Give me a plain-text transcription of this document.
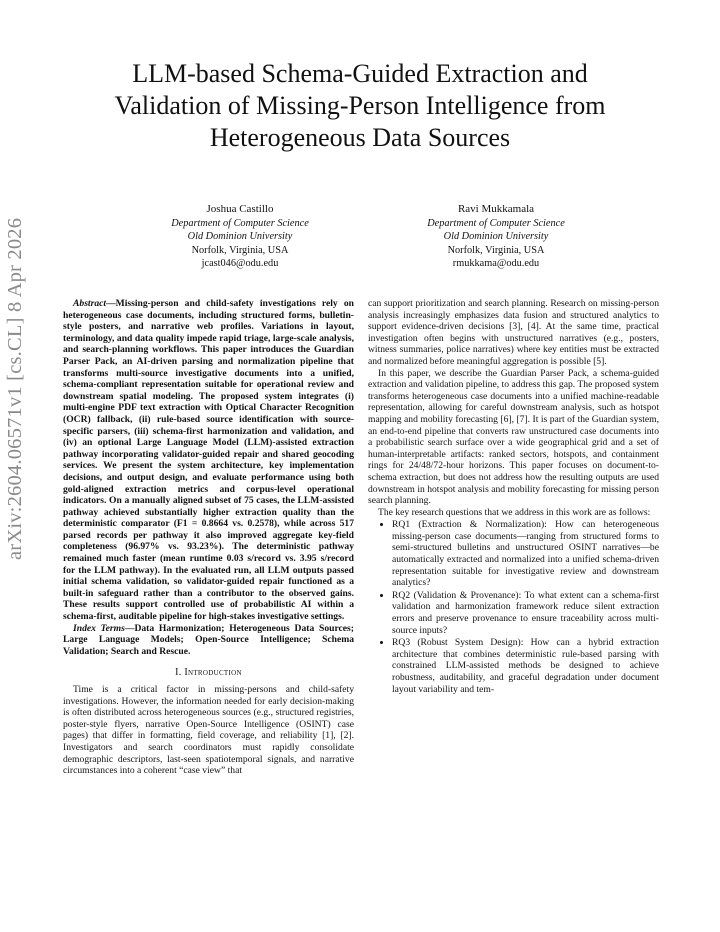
arXiv:2604.06571v1 [cs.CL] 8 Apr 2026
LLM-based Schema-Guided Extraction and
Validation of Missing-Person Intelligence from
Heterogeneous Data Sources
Joshua Castillo
Department of Computer Science
Old Dominion University
Norfolk, Virginia, USA
jcast046@odu.edu
Ravi Mukkamala
Department of Computer Science
Old Dominion University
Norfolk, Virginia, USA
rmukkama@odu.edu

Abstract—Missing-person and child-safety investigations rely on heterogeneous case documents, including structured forms, bulletin-style posters, and narrative web profiles. Variations in layout, terminology, and data quality impede rapid triage, large-scale analysis, and search-planning workflows. This paper introduces the Guardian Parser Pack, an AI-driven parsing and normalization pipeline that transforms multi-source investigative documents into a unified, schema-compliant representation suitable for operational review and downstream spatial modeling. The proposed system integrates (i) multi-engine PDF text extraction with Optical Character Recognition (OCR) fallback, (ii) rule-based source identification with source-specific parsers, (iii) schema-first harmonization and validation, and (iv) an optional Large Language Model (LLM)-assisted extraction pathway incorporating validator-guided repair and shared geocoding services. We present the system architecture, key implementation decisions, and output design, and evaluate performance using both gold-aligned extraction metrics and corpus-level operational indicators. On a manually aligned subset of 75 cases, the LLM-assisted pathway achieved substantially higher extraction quality than the deterministic comparator (F1 = 0.8664 vs. 0.2578), while across 517 parsed records per pathway it also improved aggregate key-field completeness (96.97% vs. 93.23%). The deterministic pathway remained much faster (mean runtime 0.03 s/record vs. 3.95 s/record for the LLM pathway). In the evaluated run, all LLM outputs passed initial schema validation, so validator-guided repair functioned as a built-in safeguard rather than a contributor to the observed gains. These results support controlled use of probabilistic AI within a schema-first, auditable pipeline for high-stakes investigative settings.

Index Terms—Data Harmonization; Heterogeneous Data Sources; Large Language Models; Open-Source Intelligence; Schema Validation; Search and Rescue.

I. Introduction

Time is a critical factor in missing-persons and child-safety investigations. However, the information needed for early decision-making is often distributed across heterogeneous sources (e.g., structured registries, poster-style flyers, narrative Open-Source Intelligence (OSINT) case pages) that differ in formatting, field coverage, and reliability [1], [2]. Investigators and search coordinators must rapidly consolidate demographic descriptors, last-seen spatiotemporal signals, and narrative circumstances into a coherent “case view” that

can support prioritization and search planning. Research on missing-person analysis increasingly emphasizes data fusion and structured analytics to support evidence-driven decisions [3], [4]. At the same time, practical investigation often begins with unstructured narratives (e.g., posters, witness summaries, police narratives) where key entities must be extracted and normalized before meaningful aggregation is possible [5].

In this paper, we describe the Guardian Parser Pack, a schema-guided extraction and validation pipeline, to address this gap. The proposed system transforms heterogeneous case documents into a unified machine-readable representation, allowing for careful downstream analysis, such as hotspot mapping and mobility forecasting [6], [7]. It is part of the Guardian system, an end-to-end pipeline that converts raw unstructured case documents into a probabilistic search surface over a wide geographical grid and a set of human-interpretable artifacts: ranked sectors, hotspots, and containment rings for 24/48/72-hour horizons. This paper focuses on document-to-schema extraction, but does not address how the resulting outputs are used downstream in hotspot analysis and mobility forecasting for missing person search planning.

The key research questions that we address in this work are as follows:

• RQ1 (Extraction & Normalization): How can heterogeneous missing-person case documents—ranging from structured forms to semi-structured bulletins and unstructured OSINT narratives—be automatically extracted and normalized into a unified schema-driven representation suitable for investigative review and downstream analytics?
• RQ2 (Validation & Provenance): To what extent can a schema-first validation and harmonization framework reduce silent extraction errors and preserve provenance to ensure traceability across multi-source inputs?
• RQ3 (Robust System Design): How can a hybrid extraction architecture that combines deterministic rule-based parsing with constrained LLM-assisted methods be designed to achieve robustness, auditability, and graceful degradation under document layout variability and tem-
